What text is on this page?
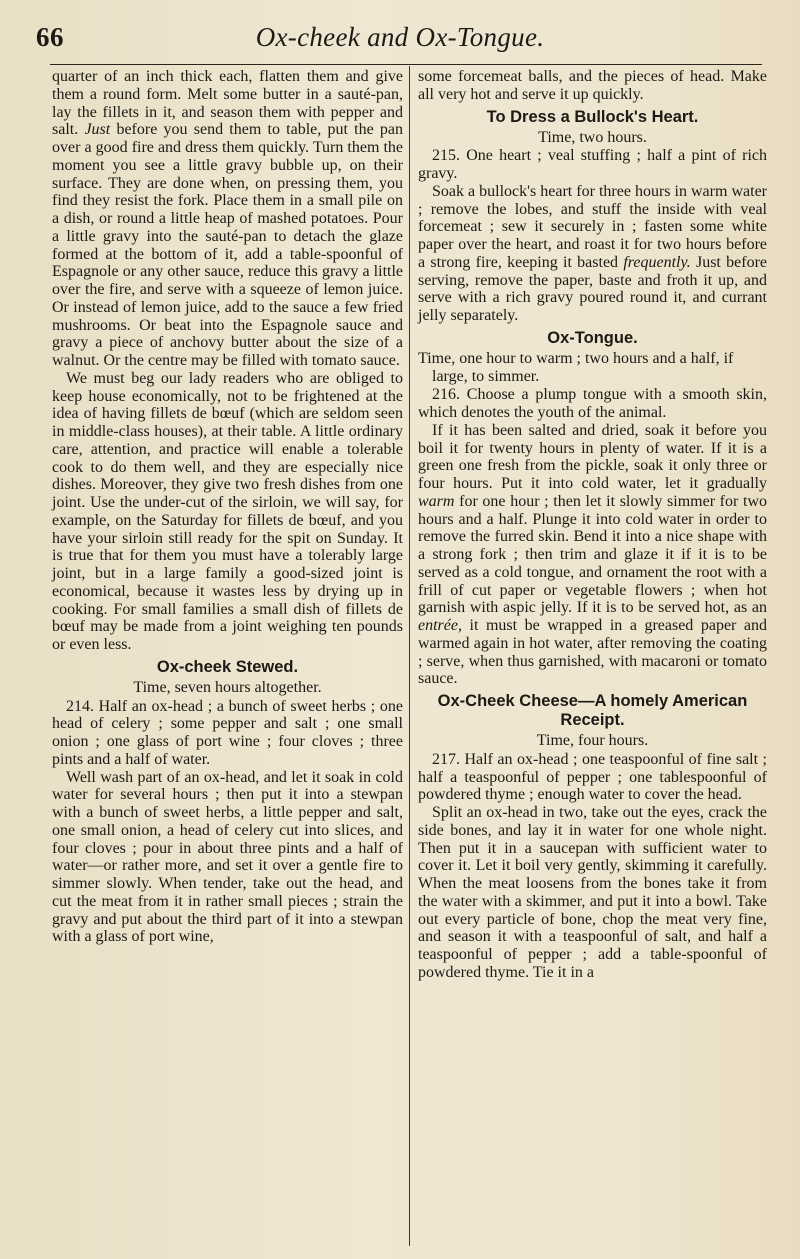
66	Ox-cheek and Ox-Tongue.

quarter of an inch thick each, flatten them and give them a round form. Melt some butter in a sauté-pan, lay the fillets in it, and season them with pepper and salt. Just before you send them to table, put the pan over a good fire and dress them quickly. Turn them the moment you see a little gravy bubble up, on their surface. They are done when, on pressing them, you find they resist the fork. Place them in a small pile on a dish, or round a little heap of mashed potatoes. Pour a little gravy into the sauté-pan to detach the glaze formed at the bottom of it, add a table-spoonful of Espagnole or any other sauce, reduce this gravy a little over the fire, and serve with a squeeze of lemon juice. Or instead of lemon juice, add to the sauce a few fried mushrooms. Or beat into the Espagnole sauce and gravy a piece of anchovy butter about the size of a walnut. Or the centre may be filled with tomato sauce.

We must beg our lady readers who are obliged to keep house economically, not to be frightened at the idea of having fillets de bœuf (which are seldom seen in middle-class houses), at their table. A little ordinary care, attention, and practice will enable a tolerable cook to do them well, and they are especially nice dishes. Moreover, they give two fresh dishes from one joint. Use the under-cut of the sirloin, we will say, for example, on the Saturday for fillets de bœuf, and you have your sirloin still ready for the spit on Sunday. It is true that for them you must have a tolerably large joint, but in a large family a good-sized joint is economical, because it wastes less by drying up in cooking. For small families a small dish of fillets de bœuf may be made from a joint weighing ten pounds or even less.

Ox-cheek Stewed.

Time, seven hours altogether.

214. Half an ox-head ; a bunch of sweet herbs ; one head of celery ; some pepper and salt ; one small onion ; one glass of port wine ; four cloves ; three pints and a half of water.

Well wash part of an ox-head, and let it soak in cold water for several hours ; then put it into a stewpan with a bunch of sweet herbs, a little pepper and salt, one small onion, a head of celery cut into slices, and four cloves ; pour in about three pints and a half of water—or rather more, and set it over a gentle fire to simmer slowly. When tender, take out the head, and cut the meat from it in rather small pieces ; strain the gravy and put about the third part of it into a stewpan with a glass of port wine,

some forcemeat balls, and the pieces of head. Make all very hot and serve it up quickly.

To Dress a Bullock's Heart.

Time, two hours.

215. One heart ; veal stuffing ; half a pint of rich gravy.

Soak a bullock's heart for three hours in warm water ; remove the lobes, and stuff the inside with veal forcemeat ; sew it securely in ; fasten some white paper over the heart, and roast it for two hours before a strong fire, keeping it basted frequently. Just before serving, remove the paper, baste and froth it up, and serve with a rich gravy poured round it, and currant jelly separately.

Ox-Tongue.

Time, one hour to warm ; two hours and a half, if large, to simmer.

216. Choose a plump tongue with a smooth skin, which denotes the youth of the animal.

If it has been salted and dried, soak it before you boil it for twenty hours in plenty of water. If it is a green one fresh from the pickle, soak it only three or four hours. Put it into cold water, let it gradually warm for one hour ; then let it slowly simmer for two hours and a half. Plunge it into cold water in order to remove the furred skin. Bend it into a nice shape with a strong fork ; then trim and glaze it if it is to be served as a cold tongue, and ornament the root with a frill of cut paper or vegetable flowers ; when hot garnish with aspic jelly. If it is to be served hot, as an entrée, it must be wrapped in a greased paper and warmed again in hot water, after removing the coating ; serve, when thus garnished, with macaroni or tomato sauce.

Ox-Cheek Cheese—A homely American Receipt.

Time, four hours.

217. Half an ox-head ; one teaspoonful of fine salt ; half a teaspoonful of pepper ; one tablespoonful of powdered thyme ; enough water to cover the head.

Split an ox-head in two, take out the eyes, crack the side bones, and lay it in water for one whole night. Then put it in a saucepan with sufficient water to cover it. Let it boil very gently, skimming it carefully. When the meat loosens from the bones take it from the water with a skimmer, and put it into a bowl. Take out every particle of bone, chop the meat very fine, and season it with a teaspoonful of salt, and half a teaspoonful of pepper ; add a table-spoonful of powdered thyme. Tie it in a
